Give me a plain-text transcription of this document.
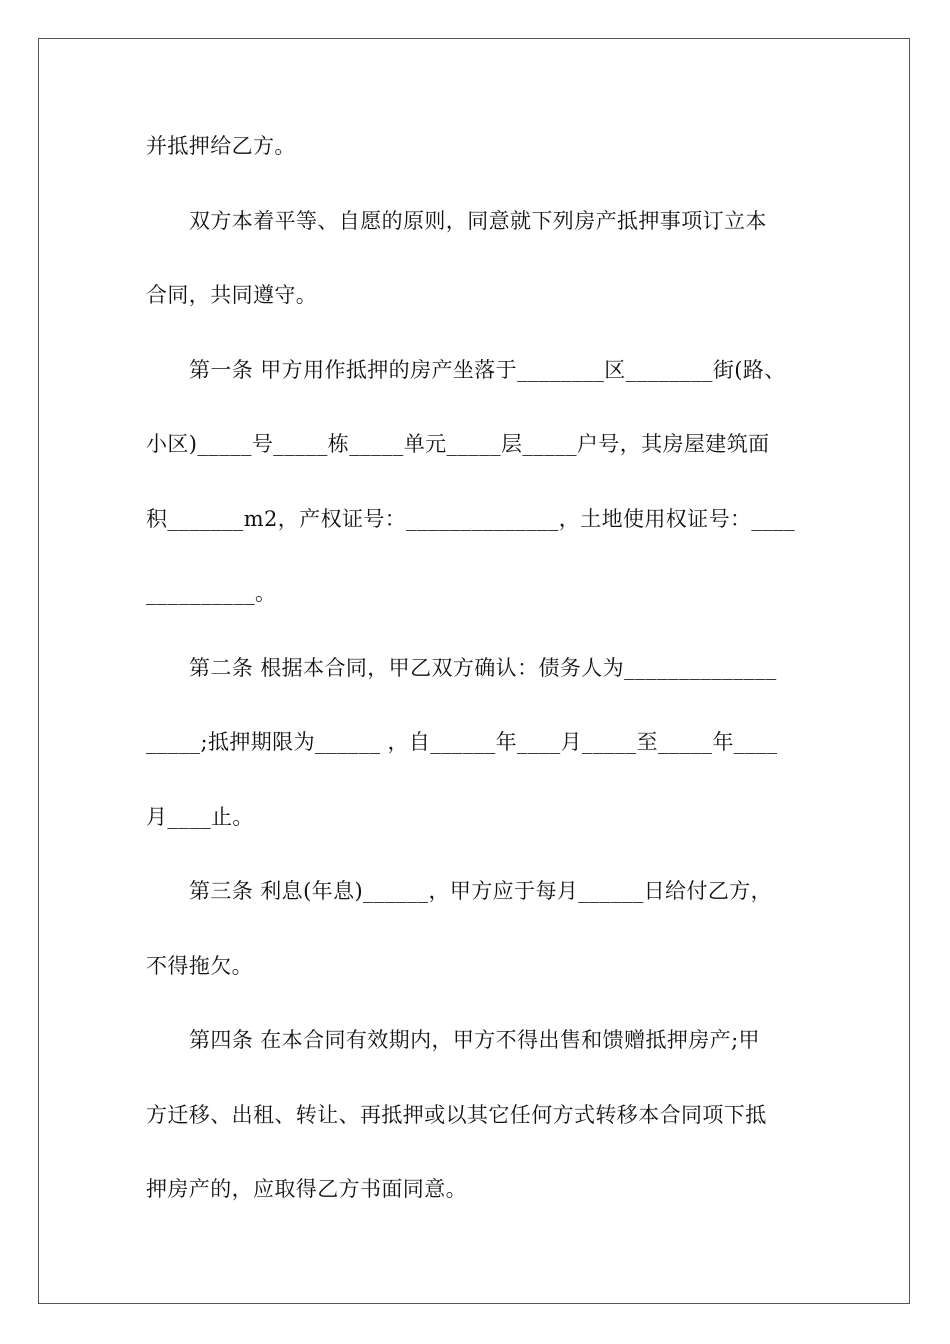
并抵押给乙方。
双方本着平等、自愿的原则，同意就下列房产抵押事项订立本
合同，共同遵守。
第一条 甲方用作抵押的房产坐落于________区________街(路、
小区)_____号_____栋_____单元_____层_____户号，其房屋建筑面
积_______m2，产权证号：______________，土地使用权证号：____
__________。
第二条 根据本合同，甲乙双方确认：债务人为______________
_____;抵押期限为______ ，自______年____月_____至_____年____
月____止。
第三条 利息(年息)______，甲方应于每月______日给付乙方，
不得拖欠。
第四条 在本合同有效期内，甲方不得出售和馈赠抵押房产;甲
方迁移、出租、转让、再抵押或以其它任何方式转移本合同项下抵
押房产的，应取得乙方书面同意。
